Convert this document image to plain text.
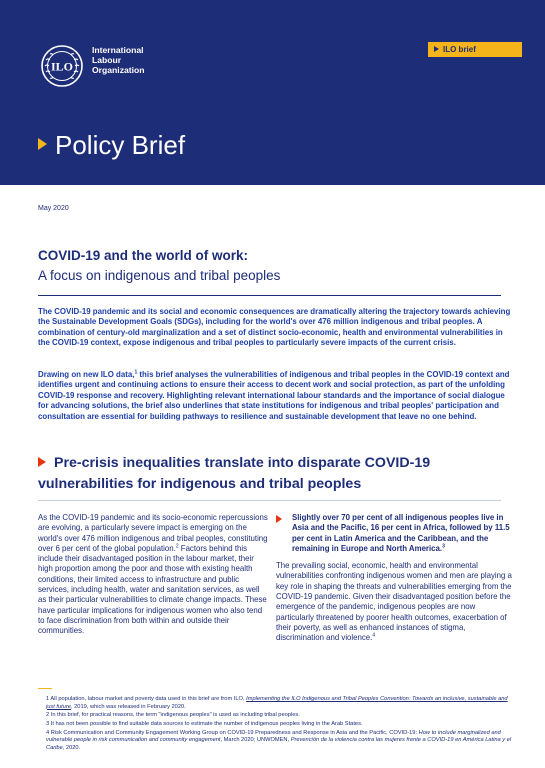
ILO
International
Labour
Organization
ILO brief
Policy Brief
May 2020
COVID-19 and the world of work:
A focus on indigenous and tribal peoples

The COVID-19 pandemic and its social and economic consequences are dramatically altering the trajectory towards achieving the Sustainable Development Goals (SDGs), including for the world's over 476 million indigenous and tribal peoples. A combination of century-old marginalization and a set of distinct socio-economic, health and environmental vulnerabilities in the COVID-19 context, expose indigenous and tribal peoples to particularly severe impacts of the current crisis.

Drawing on new ILO data,$^1$ this brief analyses the vulnerabilities of indigenous and tribal peoples in the COVID-19 context and identifies urgent and continuing actions to ensure their access to decent work and social protection, as part of the unfolding COVID-19 response and recovery. Highlighting relevant international labour standards and the importance of social dialogue for advancing solutions, the brief also underlines that state institutions for indigenous and tribal peoples' participation and consultation are essential for building pathways to resilience and sustainable development that leave no one behind.

Pre-crisis inequalities translate into disparate COVID-19 vulnerabilities for indigenous and tribal peoples

As the COVID-19 pandemic and its socio-economic repercussions are evolving, a particularly severe impact is emerging on the world's over 476 million indigenous and tribal peoples, constituting over 6 per cent of the global population.$^2$ Factors behind this include their disadvantaged position in the labour market, their high proportion among the poor and those with existing health conditions, their limited access to infrastructure and public services, including health, water and sanitation services, as well as their particular vulnerabilities to climate change impacts. These have particular implications for indigenous women who also tend to face discrimination from both within and outside their communities.

Slightly over 70 per cent of all indigenous peoples live in Asia and the Pacific, 16 per cent in Africa, followed by 11.5 per cent in Latin America and the Caribbean, and the remaining in Europe and North America.$^3$

The prevailing social, economic, health and environmental vulnerabilities confronting indigenous women and men are playing a key role in shaping the threats and vulnerabilities emerging from the COVID-19 pandemic. Given their disadvantaged position before the emergence of the pandemic, indigenous peoples are now particularly threatened by poorer health outcomes, exacerbation of their poverty, as well as enhanced instances of stigma, discrimination and violence.$^4$

1 All population, labour market and poverty data used in this brief are from ILO, Implementing the ILO Indigenous and Tribal Peoples Convention: Towards an inclusive, sustainable and just future, 2019, which was released in February 2020.

2 In this brief, for practical reasons, the term "indigenous peoples" is used as including tribal peoples.

3 It has not been possible to find suitable data sources to estimate the number of indigenous peoples living in the Arab States.

4 Risk Communication and Community Engagement Working Group on COVID-19 Preparedness and Response in Asia and the Pacific, COVID-19: How to include marginalized and vulnerable people in risk communication and community engagement, March 2020; UNWOMEN, Prevención de la violencia contra las mujeres frente a COVID-19 en América Latina y el Caribe, 2020.
